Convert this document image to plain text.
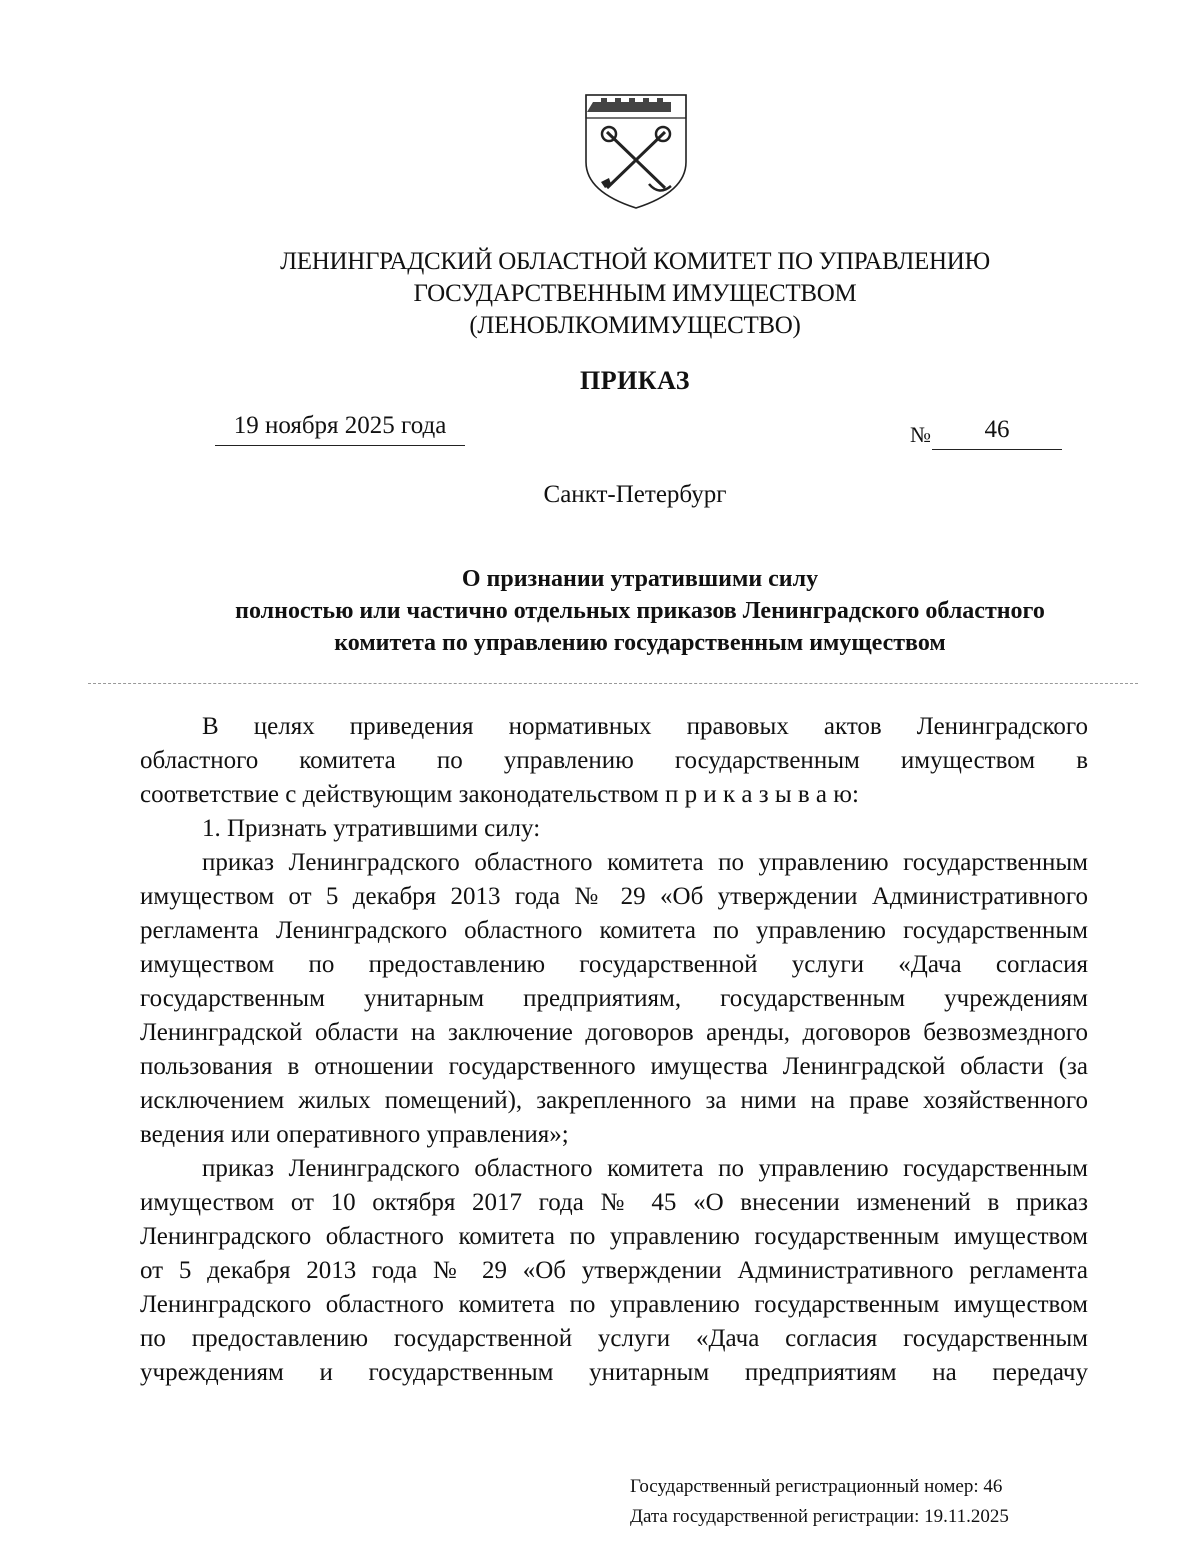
ЛЕНИНГРАДСКИЙ ОБЛАСТНОЙ КОМИТЕТ ПО УПРАВЛЕНИЮ
ГОСУДАРСТВЕННЫМ ИМУЩЕСТВОМ
(ЛЕНОБЛКОМИМУЩЕСТВО)
ПРИКАЗ
19 ноября 2025 года	№	46
Санкт-Петербург
О признании утратившими силу
полностью или частично отдельных приказов Ленинградского областного
комитета по управлению государственным имуществом

В целях приведения нормативных правовых актов Ленинградского

областного комитета по управлению государственным имуществом в

соответствие с действующим законодательством п р и к а з ы в а ю:

1. Признать утратившими силу:

приказ Ленинградского областного комитета по управлению государственным

имуществом от 5 декабря 2013 года № 29 «Об утверждении Административного

регламента Ленинградского областного комитета по управлению государственным

имуществом по предоставлению государственной услуги «Дача согласия

государственным унитарным предприятиям, государственным учреждениям

Ленинградской области на заключение договоров аренды, договоров безвозмездного

пользования в отношении государственного имущества Ленинградской области (за

исключением жилых помещений), закрепленного за ними на праве хозяйственного

ведения или оперативного управления»;

приказ Ленинградского областного комитета по управлению государственным

имуществом от 10 октября 2017 года № 45 «О внесении изменений в приказ

Ленинградского областного комитета по управлению государственным имуществом

от 5 декабря 2013 года № 29 «Об утверждении Административного регламента

Ленинградского областного комитета по управлению государственным имуществом

по предоставлению государственной услуги «Дача согласия государственным

учреждениям и государственным унитарным предприятиям на передачу

Государственный регистрационный номер: 46
Дата государственной регистрации: 19.11.2025
